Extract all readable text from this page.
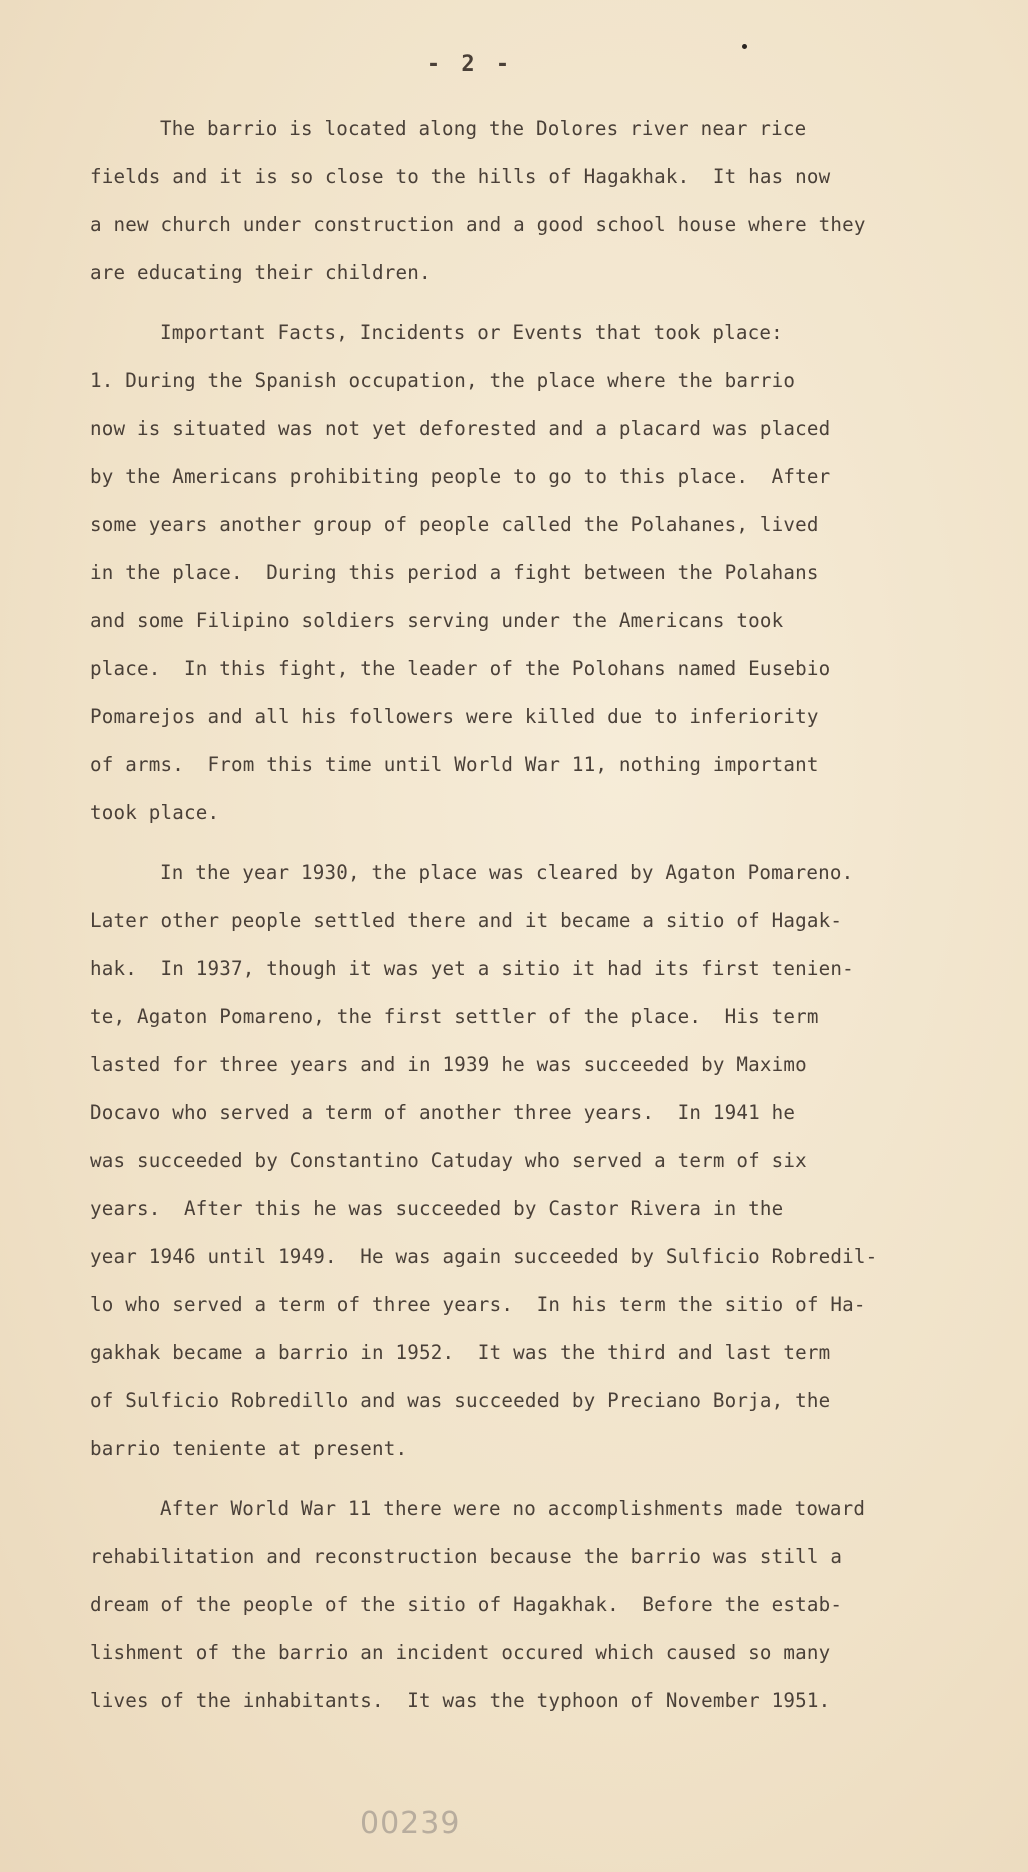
- 2 -
The barrio is located along the Dolores river near rice
fields and it is so close to the hills of Hagakhak.  It has now
a new church under construction and a good school house where they
are educating their children.
Important Facts, Incidents or Events that took place:
1. During the Spanish occupation, the place where the barrio
now is situated was not yet deforested and a placard was placed
by the Americans prohibiting people to go to this place.  After
some years another group of people called the Polahanes, lived
in the place.  During this period a fight between the Polahans
and some Filipino soldiers serving under the Americans took
place.  In this fight, the leader of the Polohans named Eusebio
Pomarejos and all his followers were killed due to inferiority
of arms.  From this time until World War 11, nothing important
took place.
In the year 1930, the place was cleared by Agaton Pomareno.
Later other people settled there and it became a sitio of Hagak-
hak.  In 1937, though it was yet a sitio it had its first tenien-
te, Agaton Pomareno, the first settler of the place.  His term
lasted for three years and in 1939 he was succeeded by Maximo
Docavo who served a term of another three years.  In 1941 he
was succeeded by Constantino Catuday who served a term of six
years.  After this he was succeeded by Castor Rivera in the
year 1946 until 1949.  He was again succeeded by Sulficio Robredil-
lo who served a term of three years.  In his term the sitio of Ha-
gakhak became a barrio in 1952.  It was the third and last term
of Sulficio Robredillo and was succeeded by Preciano Borja, the
barrio teniente at present.
After World War 11 there were no accomplishments made toward
rehabilitation and reconstruction because the barrio was still a
dream of the people of the sitio of Hagakhak.  Before the estab-
lishment of the barrio an incident occured which caused so many
lives of the inhabitants.  It was the typhoon of November 1951.
00239
